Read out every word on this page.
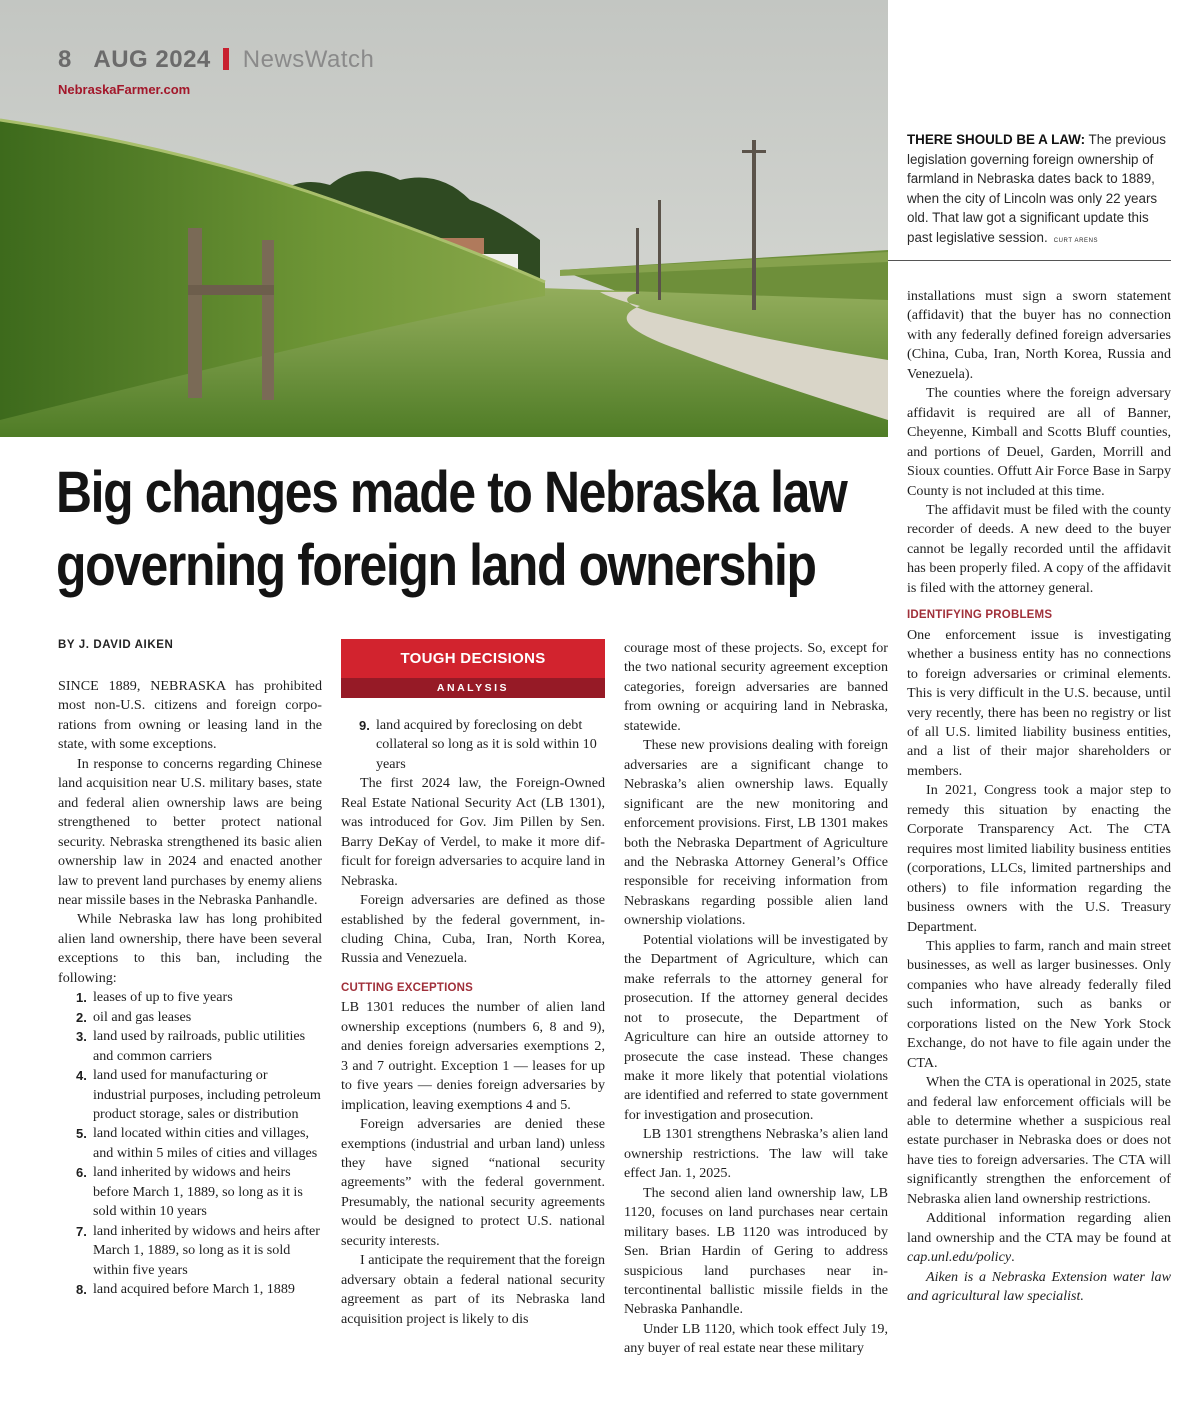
8 AUG 2024 NewsWatch
NebraskaFarmer.com
THERE SHOULD BE A LAW: The previous legislation governing foreign ownership of farmland in Nebraska dates back to 1889, when the city of Lincoln was only 22 years old. That law got a significant update this past legislative session. CURT ARENS
Big changes made to Nebraska law
governing foreign land ownership
BY J. DAVID AIKEN

SINCE 1889, NEBRASKA has prohibited most non-U.S. citizens and foreign corporations from owning or leasing land in the state, with some exceptions.

In response to concerns regarding Chinese land acquisition near U.S. military bases, state and federal alien ownership laws are being strengthened to better protect national security. Nebraska strengthened its basic alien ownership law in 2024 and enacted another law to prevent land purchases by enemy aliens near missile bases in the Nebraska Panhandle.

While Nebraska law has long prohibited alien land ownership, there have been several exceptions to this ban, including the following:

1. leases of up to five years
2. oil and gas leases
3. land used by railroads, public utilities and common carriers
4. land used for manufacturing or industrial purposes, including petroleum product storage, sales or distribution
5. land located within cities and villages, and within 5 miles of cities and villages
6. land inherited by widows and heirs before March 1, 1889, so long as it is sold within 10 years
7. land inherited by widows and heirs after March 1, 1889, so long as it is sold within five years
8. land acquired before March 1, 1889
TOUGH DECISIONS
ANALYSIS
9. land acquired by foreclosing on debt collateral so long as it is sold within 10 years

The first 2024 law, the Foreign-Owned Real Estate National Security Act (LB 1301), was introduced for Gov. Jim Pillen by Sen. Barry DeKay of Verdel, to make it more difficult for foreign adversaries to acquire land in Nebraska.

Foreign adversaries are defined as those established by the federal government, including China, Cuba, Iran, North Korea, Russia and Venezuela.

CUTTING EXCEPTIONS

LB 1301 reduces the number of alien land ownership exceptions (numbers 6, 8 and 9), and denies foreign adversaries exemptions 2, 3 and 7 outright. Exception 1 — leases for up to five years — denies foreign adversaries by implication, leaving exemptions 4 and 5.

Foreign adversaries are denied these exemptions (industrial and urban land) unless they have signed “national security agreements” with the federal government. Presumably, the national security agreements would be designed to protect U.S. national security interests.

I anticipate the requirement that the foreign adversary obtain a federal national security agreement as part of its Nebraska land acquisition project is likely to dis

courage most of these projects. So, except for the two national security agreement exception categories, foreign adversaries are banned from owning or acquiring land in Nebraska, statewide.

These new provisions dealing with foreign adversaries are a significant change to Nebraska’s alien ownership laws. Equally significant are the new monitoring and enforcement provisions. First, LB 1301 makes both the Nebraska Department of Agriculture and the Nebraska Attorney General’s Office responsible for receiving information from Nebraskans regarding possible alien land ownership violations.

Potential violations will be investigated by the Department of Agriculture, which can make referrals to the attorney general for prosecution. If the attorney general decides not to prosecute, the Department of Agriculture can hire an outside attorney to prosecute the case instead. These changes make it more likely that potential violations are identified and referred to state government for investigation and prosecution.

LB 1301 strengthens Nebraska’s alien land ownership restrictions. The law will take effect Jan. 1, 2025.

The second alien land ownership law, LB 1120, focuses on land purchases near certain military bases. LB 1120 was introduced by Sen. Brian Hardin of Gering to address suspicious land purchases near intercontinental ballistic missile fields in the Nebraska Panhandle.

Under LB 1120, which took effect July 19, any buyer of real estate near these military

installations must sign a sworn statement (affidavit) that the buyer has no connection with any federally defined foreign adversaries (China, Cuba, Iran, North Korea, Russia and Venezuela).

The counties where the foreign adversary affidavit is required are all of Banner, Cheyenne, Kimball and Scotts Bluff counties, and portions of Deuel, Garden, Morrill and Sioux counties. Offutt Air Force Base in Sarpy County is not included at this time.

The affidavit must be filed with the county recorder of deeds. A new deed to the buyer cannot be legally recorded until the affidavit has been properly filed. A copy of the affidavit is filed with the attorney general.

IDENTIFYING PROBLEMS

One enforcement issue is investigating whether a business entity has no connections to foreign adversaries or criminal elements. This is very difficult in the U.S. because, until very recently, there has been no registry or list of all U.S. limited liability business entities, and a list of their major shareholders or members.

In 2021, Congress took a major step to remedy this situation by enacting the Corporate Transparency Act. The CTA requires most limited liability business entities (corporations, LLCs, limited partnerships and others) to file information regarding the business owners with the U.S. Treasury Department.

This applies to farm, ranch and main street businesses, as well as larger businesses. Only companies who have already federally filed such information, such as banks or corporations listed on the New York Stock Exchange, do not have to file again under the CTA.

When the CTA is operational in 2025, state and federal law enforcement officials will be able to determine whether a suspicious real estate purchaser in Nebraska does or does not have ties to foreign adversaries. The CTA will significantly strengthen the enforcement of Nebraska alien land ownership restrictions.

Additional information regarding alien land ownership and the CTA may be found at cap.unl.edu/policy.

Aiken is a Nebraska Extension water law and agricultural law specialist.
